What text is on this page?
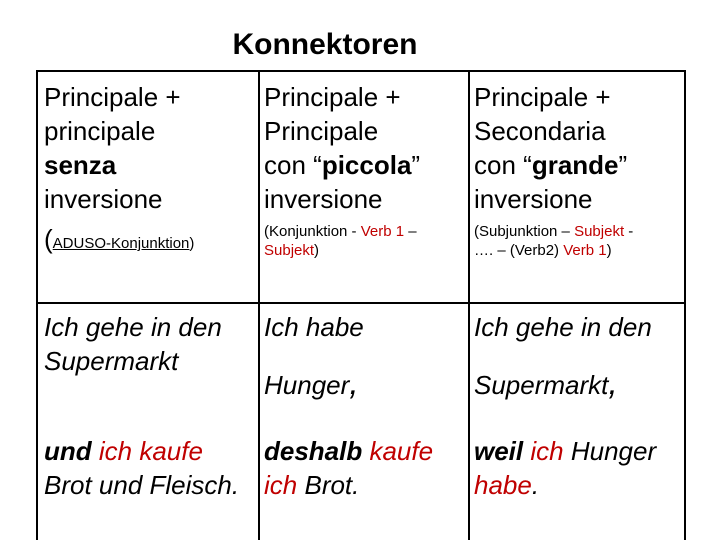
Konnektoren
Principale +
principale
senza
inversione
(ADUSO-Konjunktion)
Principale +
Principale
con “piccola”
inversione
(Konjunktion - Verb 1 –
Subjekt)
Principale +
Secondaria
con “grande”
inversione
(Subjunktion – Subjekt -
…. – (Verb2) Verb 1)
Ich gehe in den
Supermarkt
und ich kaufe
Brot und Fleisch.
Ich habe
Hunger,
deshalb kaufe
ich Brot.
Ich gehe in den
Supermarkt,
weil ich Hunger
habe.
